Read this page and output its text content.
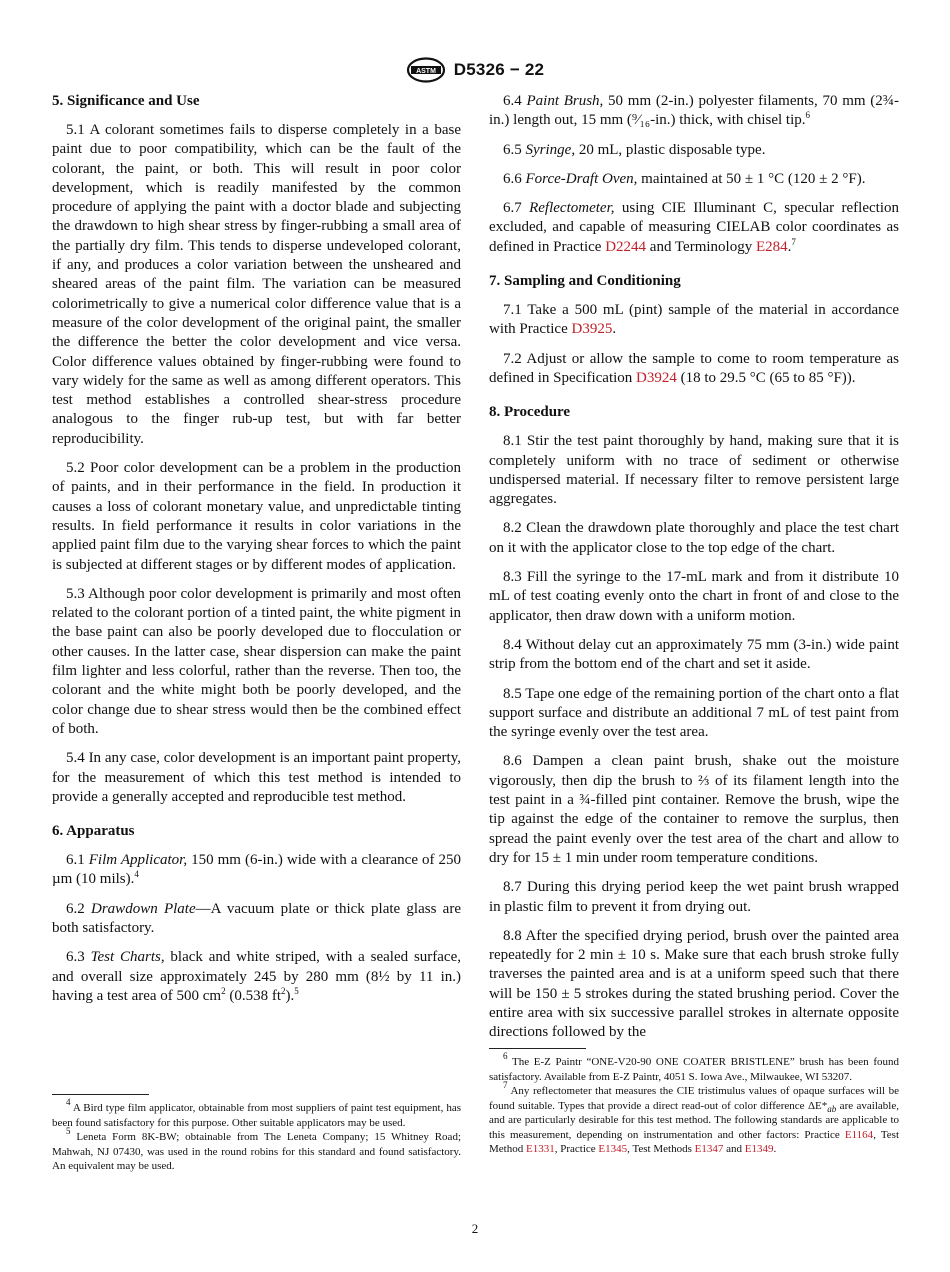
ASTM D5326 − 22
5. Significance and Use

5.1 A colorant sometimes fails to disperse completely in a base paint due to poor compatibility, which can be the fault of the colorant, the paint, or both. This will result in poor color development, which is readily manifested by the common procedure of applying the paint with a doctor blade and subjecting the drawdown to high shear stress by finger-rubbing a small area of the partially dry film. This tends to disperse undeveloped colorant, if any, and produces a color variation between the unsheared and sheared areas of the paint film. The variation can be measured colorimetrically to give a numerical color difference value that is a measure of the color development of the original paint, the smaller the difference the better the color development and vice versa. Color difference values obtained by finger-rubbing were found to vary widely for the same as well as among different operators. This test method establishes a controlled shear-stress procedure analogous to the finger rub-up test, but with far better reproducibility.

5.2 Poor color development can be a problem in the production of paints, and in their performance in the field. In production it causes a loss of colorant monetary value, and unpredictable tinting results. In field performance it results in color variations in the applied paint film due to the varying shear forces to which the paint is subjected at different stages or by different modes of application.

5.3 Although poor color development is primarily and most often related to the colorant portion of a tinted paint, the white pigment in the base paint can also be poorly developed due to flocculation or other causes. In the latter case, shear dispersion can make the paint film lighter and less colorful, rather than the reverse. Then too, the colorant and the white might both be poorly developed, and the color change due to shear stress would then be the combined effect of both.

5.4 In any case, color development is an important paint property, for the measurement of which this test method is intended to provide a generally accepted and reproducible test method.

6. Apparatus

6.1 Film Applicator, 150 mm (6-in.) wide with a clearance of 250 µm (10 mils).$^4$

6.2 Drawdown Plate—A vacuum plate or thick plate glass are both satisfactory.

6.3 Test Charts, black and white striped, with a sealed surface, and overall size approximately 245 by 280 mm (8½ by 11 in.) having a test area of 500 $cm^2$ (0.538 $ft^2).^5$

$^4$ A Bird type film applicator, obtainable from most suppliers of paint test equipment, has been found satisfactory for this purpose. Other suitable applicators may be used.

$^5$ Leneta Form 8K-BW; obtainable from The Leneta Company; 15 Whitney Road; Mahwah, NJ 07430, was used in the round robins for this standard and found satisfactory. An equivalent may be used.

6.4 Paint Brush, 50 mm (2-in.) polyester filaments, 70 mm (2¾-in.) length out, 15 mm (⁹⁄₁₆-in.) thick, with chisel tip.$^6$

6.5 Syringe, 20 mL, plastic disposable type.

6.6 Force-Draft Oven, maintained at 50 ± 1 °C (120 ± 2 °F).

6.7 Reflectometer, using CIE Illuminant C, specular reflection excluded, and capable of measuring CIELAB color coordinates as defined in Practice D2244 and Terminology E284.$^7$

7. Sampling and Conditioning

7.1 Take a 500 mL (pint) sample of the material in accordance with Practice D3925.

7.2 Adjust or allow the sample to come to room temperature as defined in Specification D3924 (18 to 29.5 °C (65 to 85 °F)).

8. Procedure

8.1 Stir the test paint thoroughly by hand, making sure that it is completely uniform with no trace of sediment or otherwise undispersed material. If necessary filter to remove persistent large aggregates.

8.2 Clean the drawdown plate thoroughly and place the test chart on it with the applicator close to the top edge of the chart.

8.3 Fill the syringe to the 17-mL mark and from it distribute 10 mL of test coating evenly onto the chart in front of and close to the applicator, then draw down with a uniform motion.

8.4 Without delay cut an approximately 75 mm (3-in.) wide paint strip from the bottom end of the chart and set it aside.

8.5 Tape one edge of the remaining portion of the chart onto a flat support surface and distribute an additional 7 mL of test paint from the syringe evenly over the test area.

8.6 Dampen a clean paint brush, shake out the moisture vigorously, then dip the brush to ⅔ of its filament length into the test paint in a ¾-filled pint container. Remove the brush, wipe the tip against the edge of the container to remove the surplus, then spread the paint evenly over the test area of the chart and allow to dry for 15 ± 1 min under room temperature conditions.

8.7 During this drying period keep the wet paint brush wrapped in plastic film to prevent it from drying out.

8.8 After the specified drying period, brush over the painted area repeatedly for 2 min ± 10 s. Make sure that each brush stroke fully traverses the painted area and is at a uniform speed such that there will be 150 ± 5 strokes during the stated brushing period. Cover the entire area with six successive parallel strokes in alternate opposite directions followed by the

$^6$ The E-Z Paintr “ONE-V20-90 ONE COATER BRISTLENE” brush has been found satisfactory. Available from E-Z Paintr, 4051 S. Iowa Ave., Milwaukee, WI 53207.

$^7$ Any reflectometer that measures the CIE tristimulus values of opaque surfaces will be found suitable. Types that provide a direct read-out of color difference $\Delta E*_{ab}$ are available, and are particularly desirable for this test method. The following standards are applicable to this measurement, depending on instrumentation and other factors: Practice E1164, Test Method E1331, Practice E1345, Test Methods E1347 and E1349.

2
